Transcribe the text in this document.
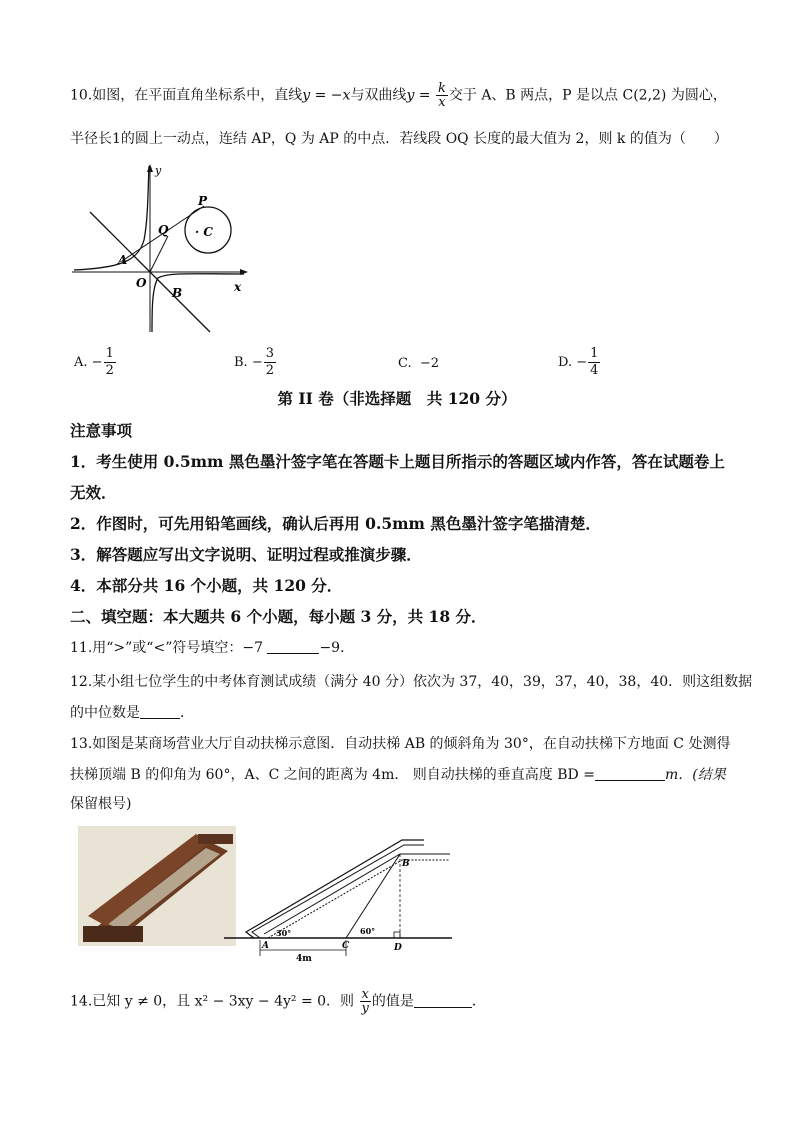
10.如图，在平面直角坐标系中，直线y = −x与双曲线$y = \frac{k}{x}$ 交于 A、B 两点，P 是以点 C(2,2) 为圆心，
半径长1的圆上一动点，连结 AP，Q 为 AP 的中点．若线段 OQ 长度的最大值为 2，则 k 的值为（　　）
y
x
O
A
B
P
Q · C
A.
− $\frac{1}{2}$	B.
− $\frac{3}{2}$	C.
−2	D.
− $\frac{1}{4}$
第 II 卷（非选择题　共 120 分）
注意事项
1．考生使用 0.5mm 黑色墨汁签字笔在答题卡上题目所指示的答题区域内作答，答在试题卷上
无效．
2．作图时，可先用铅笔画线，确认后再用 0.5mm 黑色墨汁签字笔描清楚．
3．解答题应写出文字说明、证明过程或推演步骤．
4．本部分共 16 个小题，共 120 分．
二、填空题：本大题共 6 个小题，每小题 3 分，共 18 分．
11.用“>”或“<”符号填空：−7	−9．
12.某小组七位学生的中考体育测试成绩（满分 40 分）依次为 37，40，39，37，40，38，40．则这组数据
的中位数是	．
13.如图是某商场营业大厅自动扶梯示意图．自动扶梯 AB 的倾斜角为 30°，在自动扶梯下方地面 C 处测得
扶梯顶端 B 的仰角为 60°，A、C 之间的距离为 4m． 则自动扶梯的垂直高度 BD =	m．(结果
保留根号)
A
B
C	D
30°	60°
4m
14.已知 y ≠ 0，且 x² − 3xy − 4y² = 0．则 $\frac{x}{y}$ 的值是	．
